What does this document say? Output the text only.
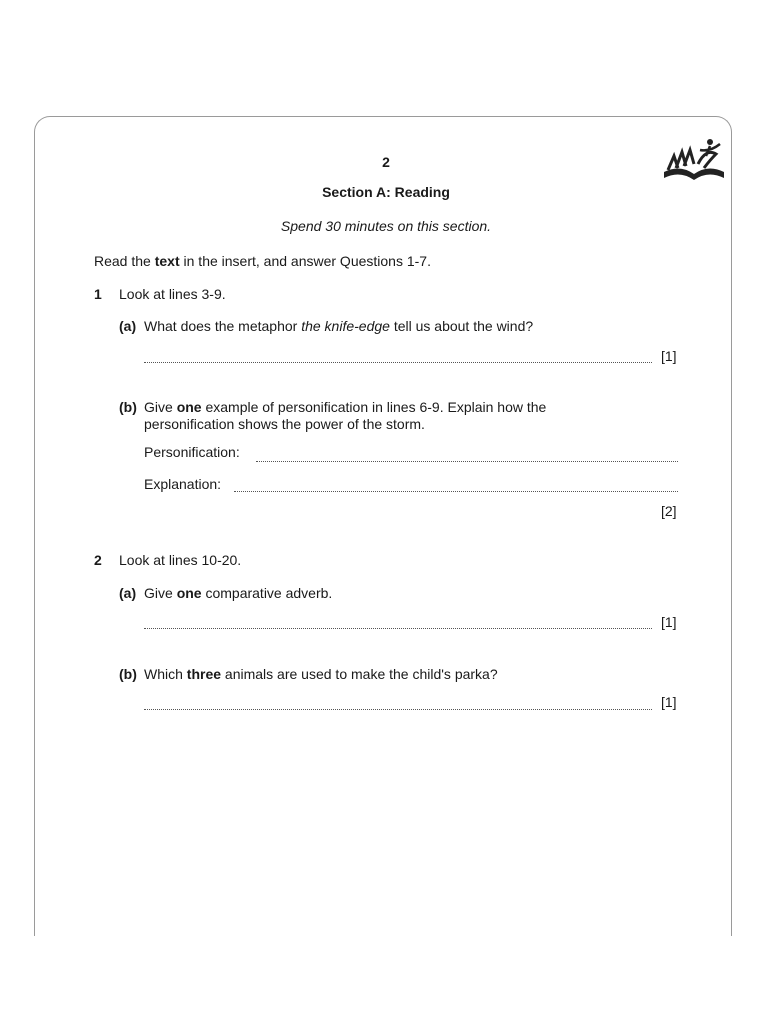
2
Section A: Reading
Spend 30 minutes on this section.
Read the text in the insert, and answer Questions 1-7.
1 Look at lines 3-9.
(a) What does the metaphor the knife-edge tell us about the wind?
[1]
(b) Give one example of personification in lines 6-9. Explain how the
personification shows the power of the storm.
Personification:
Explanation:
[2]
2 Look at lines 10-20.
(a) Give one comparative adverb.
[1]
(b) Which three animals are used to make the child's parka?
[1]
